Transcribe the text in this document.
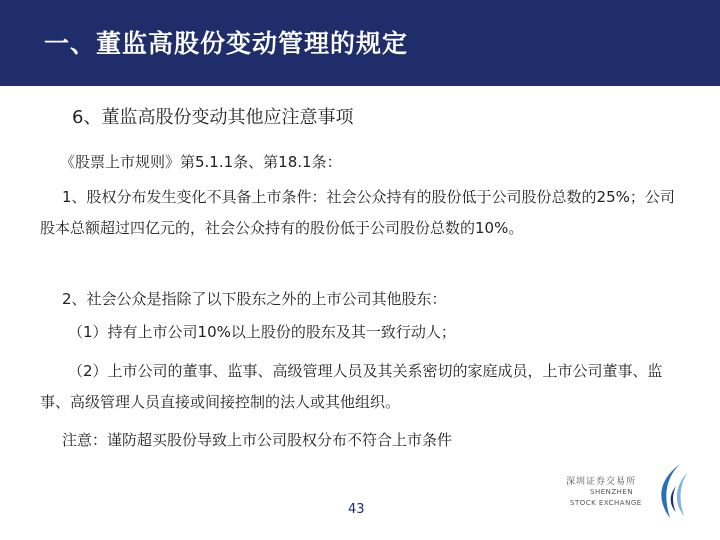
一、董监高股份变动管理的规定
6、董监高股份变动其他应注意事项
《股票上市规则》第5.1.1条、第18.1条：
1、股权分布发生变化不具备上市条件：社会公众持有的股份低于公司股份总数的25%；公司股本总额超过四亿元的，社会公众持有的股份低于公司股份总数的10%。
2、社会公众是指除了以下股东之外的上市公司其他股东：
（1）持有上市公司10%以上股份的股东及其一致行动人；
（2）上市公司的董事、监事、高级管理人员及其关系密切的家庭成员，上市公司董事、监事、高级管理人员直接或间接控制的法人或其他组织。
注意：谨防超买股份导致上市公司股权分布不符合上市条件
43
深圳证券交易所
SHENZHEN
STOCK EXCHANGE
